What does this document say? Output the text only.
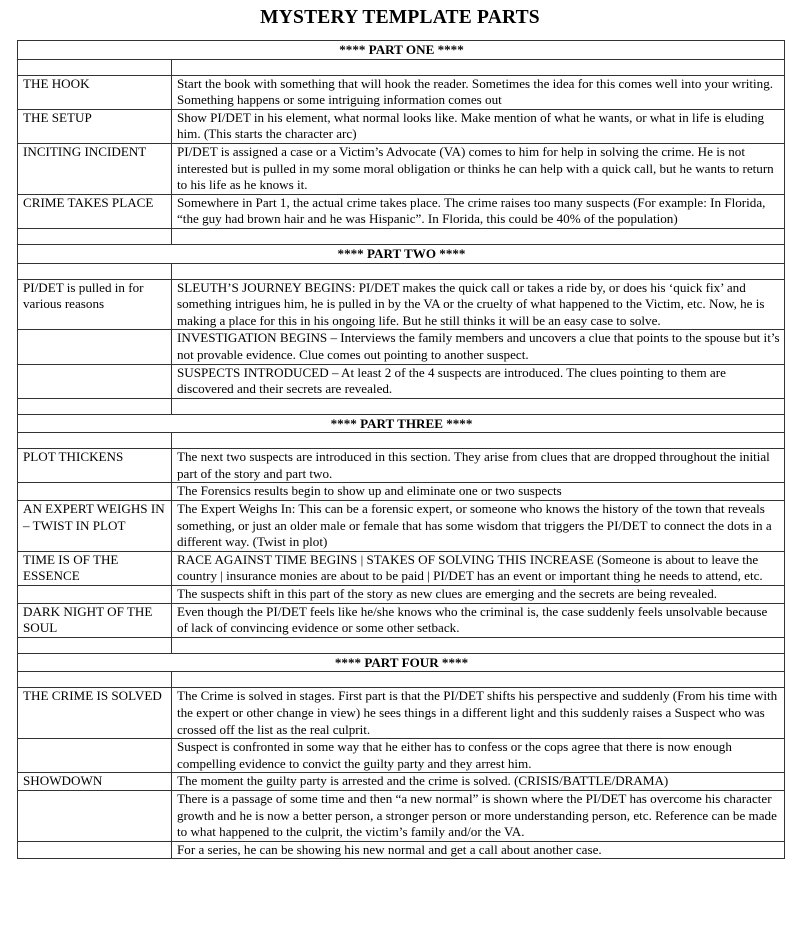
MYSTERY TEMPLATE PARTS
**** PART ONE ****	

THE HOOK	Start the book with something that will hook the reader. Sometimes the idea for this comes well into your writing. Something happens or some intriguing information comes out
THE SETUP	Show PI/DET in his element, what normal looks like. Make mention of what he wants, or what in life is eluding him. (This starts the character arc)
INCITING INCIDENT	PI/DET is assigned a case or a Victim’s Advocate (VA) comes to him for help in solving the crime. He is not interested but is pulled in my some moral obligation or thinks he can help with a quick call, but he wants to return to his life as he knows it.
CRIME TAKES PLACE	Somewhere in Part 1, the actual crime takes place. The crime raises too many suspects (For example: In Florida, “the guy had brown hair and he was Hispanic”. In Florida, this could be 40% of the population)

**** PART TWO ****	

PI/DET is pulled in for various reasons	SLEUTH’S JOURNEY BEGINS: PI/DET makes the quick call or takes a ride by, or does his ‘quick fix’ and something intrigues him, he is pulled in by the VA or the cruelty of what happened to the Victim, etc. Now, he is making a place for this in his ongoing life. But he still thinks it will be an easy case to solve.
	INVESTIGATION BEGINS – Interviews the family members and uncovers a clue that points to the spouse but it’s not provable evidence. Clue comes out pointing to another suspect.
	SUSPECTS INTRODUCED – At least 2 of the 4 suspects are introduced. The clues pointing to them are discovered and their secrets are revealed.

**** PART THREE ****	

PLOT THICKENS	The next two suspects are introduced in this section. They arise from clues that are dropped throughout the initial part of the story and part two.
	The Forensics results begin to show up and eliminate one or two suspects
AN EXPERT WEIGHS IN – TWIST IN PLOT	The Expert Weighs In: This can be a forensic expert, or someone who knows the history of the town that reveals something, or just an older male or female that has some wisdom that triggers the PI/DET to connect the dots in a different way. (Twist in plot)
TIME IS OF THE ESSENCE	RACE AGAINST TIME BEGINS | STAKES OF SOLVING THIS INCREASE (Someone is about to leave the country | insurance monies are about to be paid | PI/DET has an event or important thing he needs to attend, etc.
	The suspects shift in this part of the story as new clues are emerging and the secrets are being revealed.
DARK NIGHT OF THE SOUL	Even though the PI/DET feels like he/she knows who the criminal is, the case suddenly feels unsolvable because of lack of convincing evidence or some other setback.

**** PART FOUR ****	

THE CRIME IS SOLVED	The Crime is solved in stages. First part is that the PI/DET shifts his perspective and suddenly (From his time with the expert or other change in view) he sees things in a different light and this suddenly raises a Suspect who was crossed off the list as the real culprit.
	Suspect is confronted in some way that he either has to confess or the cops agree that there is now enough compelling evidence to convict the guilty party and they arrest him.
SHOWDOWN	The moment the guilty party is arrested and the crime is solved. (CRISIS/BATTLE/DRAMA)
	There is a passage of some time and then “a new normal” is shown where the PI/DET has overcome his character growth and he is now a better person, a stronger person or more understanding person, etc. Reference can be made to what happened to the culprit, the victim’s family and/or the VA.
	For a series, he can be showing his new normal and get a call about another case.
